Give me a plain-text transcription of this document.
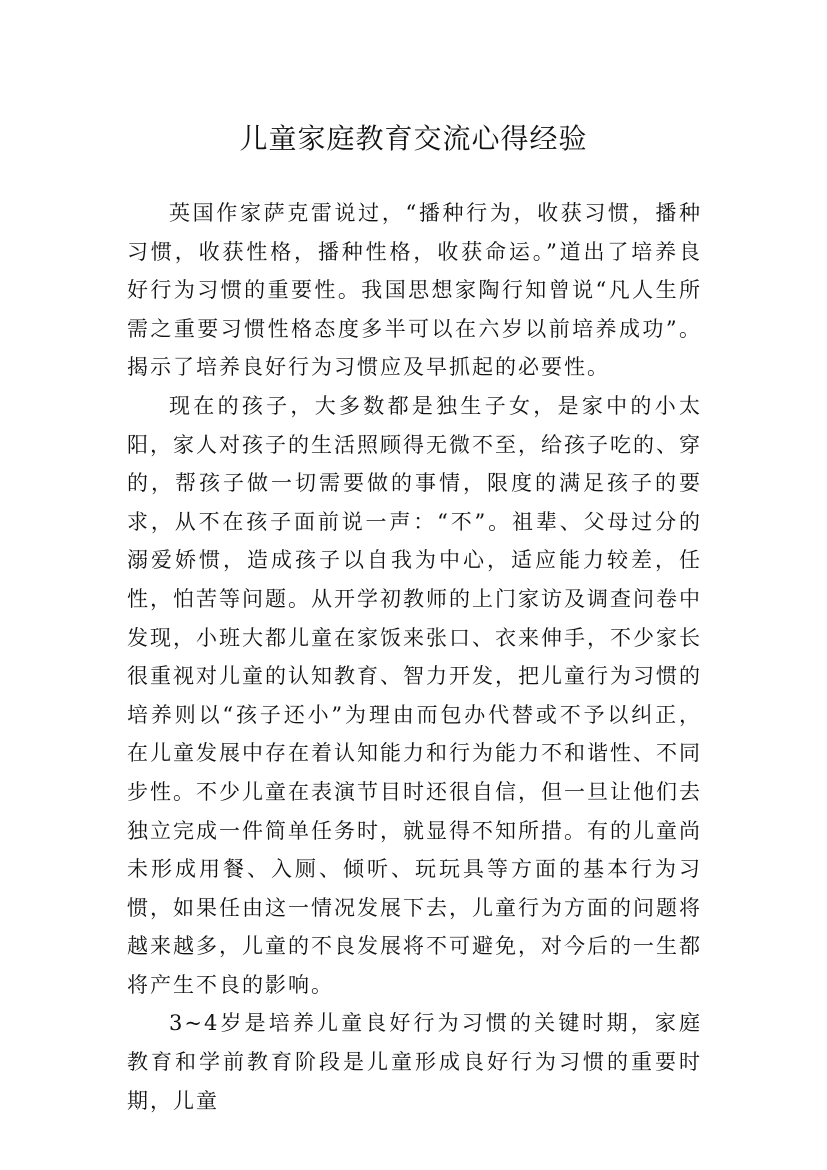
儿童家庭教育交流心得经验

英国作家萨克雷说过，“播种行为，收获习惯，播种习惯，收获性格，播种性格，收获命运。”道出了培养良好行为习惯的重要性。我国思想家陶行知曾说“凡人生所需之重要习惯性格态度多半可以在六岁以前培养成功”。揭示了培养良好行为习惯应及早抓起的必要性。

现在的孩子，大多数都是独生子女，是家中的小太阳，家人对孩子的生活照顾得无微不至，给孩子吃的、穿的，帮孩子做一切需要做的事情，限度的满足孩子的要求，从不在孩子面前说一声：“不”。祖辈、父母过分的溺爱娇惯，造成孩子以自我为中心，适应能力较差，任性，怕苦等问题。从开学初教师的上门家访及调查问卷中发现，小班大都儿童在家饭来张口、衣来伸手，不少家长很重视对儿童的认知教育、智力开发，把儿童行为习惯的培养则以“孩子还小”为理由而包办代替或不予以纠正，在儿童发展中存在着认知能力和行为能力不和谐性、不同步性。不少儿童在表演节目时还很自信，但一旦让他们去独立完成一件简单任务时，就显得不知所措。有的儿童尚未形成用餐、入厕、倾听、玩玩具等方面的基本行为习惯，如果任由这一情况发展下去，儿童行为方面的问题将越来越多，儿童的不良发展将不可避免，对今后的一生都将产生不良的影响。

3~4岁是培养儿童良好行为习惯的关键时期，家庭教育和学前教育阶段是儿童形成良好行为习惯的重要时期，儿童
